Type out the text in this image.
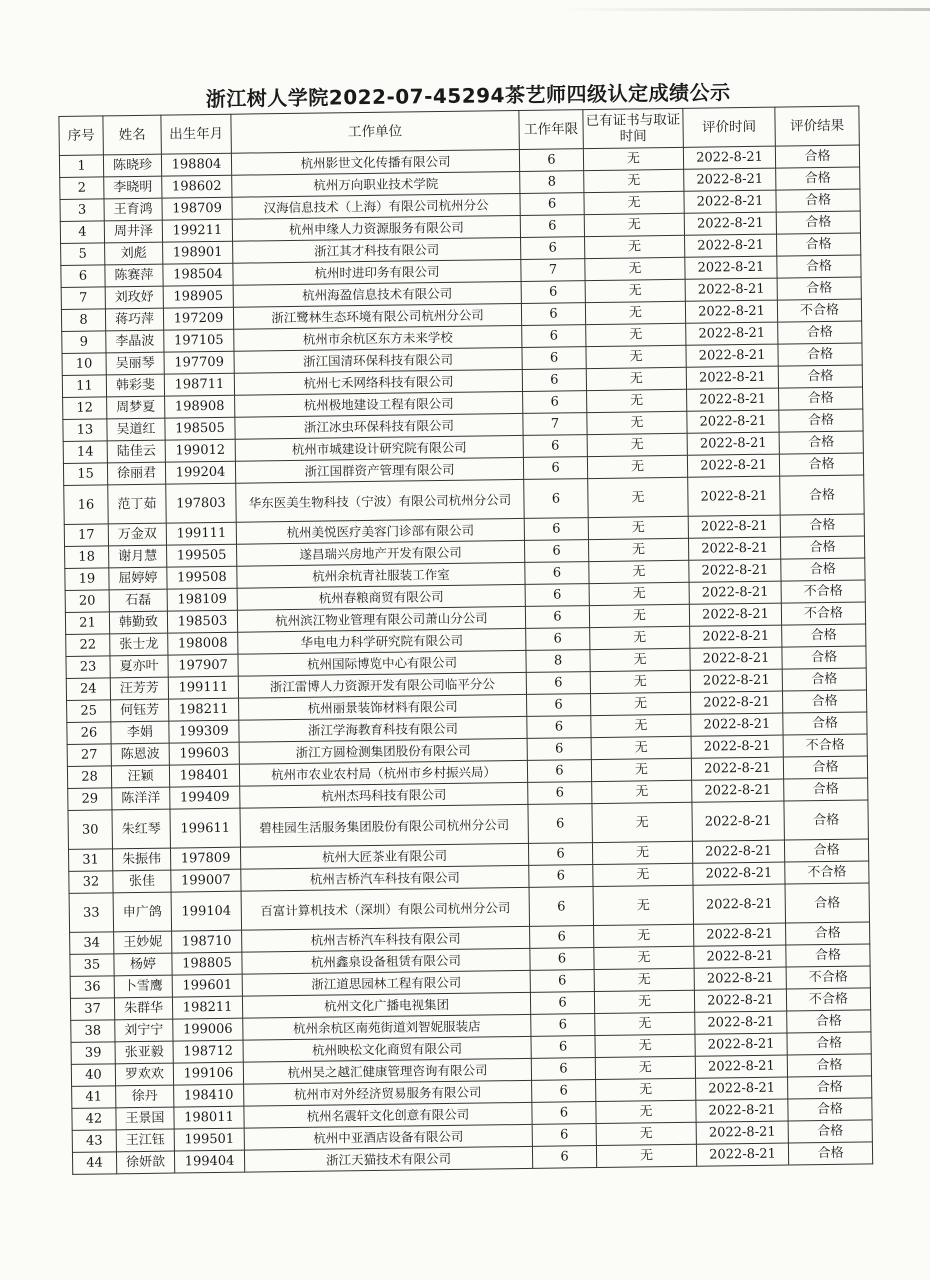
浙江树人学院2022-07-45294茶艺师四级认定成绩公示
序号	姓名	出生年月	工作单位	工作年限	已有证书与取证时间	评价时间	评价结果
1	陈晓珍	198804	杭州影世文化传播有限公司	6	无	2022-8-21	合格
2	李晓明	198602	杭州万向职业技术学院	8	无	2022-8-21	合格
3	王育鸿	198709	汉海信息技术（上海）有限公司杭州分公	6	无	2022-8-21	合格
4	周井泽	199211	杭州申缘人力资源服务有限公司	6	无	2022-8-21	合格
5	刘彪	198901	浙江其才科技有限公司	6	无	2022-8-21	合格
6	陈赛萍	198504	杭州时进印务有限公司	7	无	2022-8-21	合格
7	刘玫妤	198905	杭州海盈信息技术有限公司	6	无	2022-8-21	合格
8	蒋巧萍	197209	浙江鹭林生态环境有限公司杭州分公司	6	无	2022-8-21	不合格
9	李晶波	197105	杭州市余杭区东方未来学校	6	无	2022-8-21	合格
10	吴丽琴	197709	浙江国清环保科技有限公司	6	无	2022-8-21	合格
11	韩彩斐	198711	杭州七禾网络科技有限公司	6	无	2022-8-21	合格
12	周梦夏	198908	杭州极地建设工程有限公司	6	无	2022-8-21	合格
13	吴道红	198505	浙江冰虫环保科技有限公司	7	无	2022-8-21	合格
14	陆佳云	199012	杭州市城建设计研究院有限公司	6	无	2022-8-21	合格
15	徐丽君	199204	浙江国群资产管理有限公司	6	无	2022-8-21	合格
16	范丁茹	197803	华东医美生物科技（宁波）有限公司杭州分公司	6	无	2022-8-21	合格
17	万金双	199111	杭州美悦医疗美容门诊部有限公司	6	无	2022-8-21	合格
18	谢月慧	199505	遂昌瑞兴房地产开发有限公司	6	无	2022-8-21	合格
19	屈婷婷	199508	杭州余杭青社服装工作室	6	无	2022-8-21	合格
20	石磊	198109	杭州春粮商贸有限公司	6	无	2022-8-21	不合格
21	韩勤致	198503	杭州滨江物业管理有限公司萧山分公司	6	无	2022-8-21	不合格
22	张士龙	198008	华电电力科学研究院有限公司	6	无	2022-8-21	合格
23	夏亦叶	197907	杭州国际博览中心有限公司	8	无	2022-8-21	合格
24	汪芳芳	199111	浙江雷博人力资源开发有限公司临平分公	6	无	2022-8-21	合格
25	何钰芳	198211	杭州丽景装饰材料有限公司	6	无	2022-8-21	合格
26	李娟	199309	浙江学海教育科技有限公司	6	无	2022-8-21	合格
27	陈恩波	199603	浙江方圆检测集团股份有限公司	6	无	2022-8-21	不合格
28	汪颖	198401	杭州市农业农村局（杭州市乡村振兴局）	6	无	2022-8-21	合格
29	陈洋洋	199409	杭州杰玛科技有限公司	6	无	2022-8-21	合格
30	朱红琴	199611	碧桂园生活服务集团股份有限公司杭州分公司	6	无	2022-8-21	合格
31	朱振伟	197809	杭州大匠茶业有限公司	6	无	2022-8-21	合格
32	张佳	199007	杭州吉桥汽车科技有限公司	6	无	2022-8-21	不合格
33	申广鸽	199104	百富计算机技术（深圳）有限公司杭州分公司	6	无	2022-8-21	合格
34	王妙妮	198710	杭州吉桥汽车科技有限公司	6	无	2022-8-21	合格
35	杨婷	198805	杭州鑫泉设备租赁有限公司	6	无	2022-8-21	合格
36	卜雪鹰	199601	浙江道思园林工程有限公司	6	无	2022-8-21	不合格
37	朱群华	198211	杭州文化广播电视集团	6	无	2022-8-21	不合格
38	刘宁宁	199006	杭州余杭区南苑街道刘智妮服装店	6	无	2022-8-21	合格
39	张亚毅	198712	杭州映松文化商贸有限公司	6	无	2022-8-21	合格
40	罗欢欢	199106	杭州吴之越汇健康管理咨询有限公司	6	无	2022-8-21	合格
41	徐丹	198410	杭州市对外经济贸易服务有限公司	6	无	2022-8-21	合格
42	王景国	198011	杭州名震轩文化创意有限公司	6	无	2022-8-21	合格
43	王江钰	199501	杭州中亚酒店设备有限公司	6	无	2022-8-21	合格
44	徐妍歆	199404	浙江天猫技术有限公司	6	无	2022-8-21	合格
